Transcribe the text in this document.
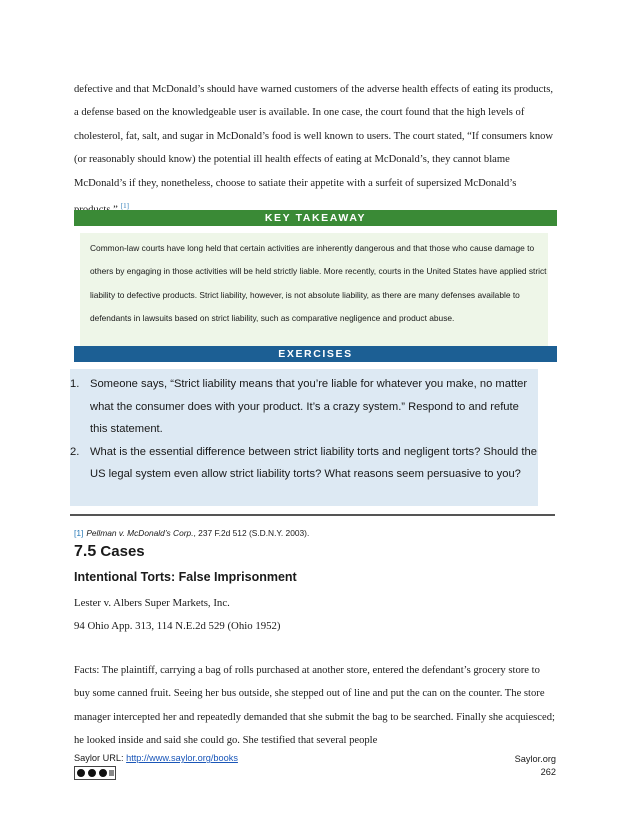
defective and that McDonald’s should have warned customers of the adverse health effects of eating its products, a defense based on the knowledgeable user is available. In one case, the court found that the high levels of cholesterol, fat, salt, and sugar in McDonald’s food is well known to users. The court stated, “If consumers know (or reasonably should know) the potential ill health effects of eating at McDonald’s, they cannot blame McDonald’s if they, nonetheless, choose to satiate their appetite with a surfeit of supersized McDonald’s [1]

KEY TAKEAWAY

Common-law courts have long held that certain activities are inherently dangerous and that those who cause damage to others by engaging in those activities will be held strictly liable. More recently, courts in the United States have applied strict liability to defective products. Strict liability, however, is not absolute liability, as there are many defenses available to defendants in lawsuits based on strict liability, such as comparative negligence and product abuse.

EXERCISES
1. Someone says, “Strict liability means that you’re liable for whatever you make, no matter what the consumer does with your product. It’s a crazy system.” Respond to and refute this statement.
2. What is the essential difference between strict liability torts and negligent torts? Should the US legal system even allow strict liability torts? What reasons seem persuasive to you?

[1] Pellman v. McDonald’s Corp., 237 F.2d 512 (S.D.N.Y. 2003).

7.5 Cases
Intentional Torts: False Imprisonment

Lester v. Albers Super Markets, Inc.

94 Ohio App. 313, 114 N.E.2d 529 (Ohio 1952)

Facts: The plaintiff, carrying a bag of rolls purchased at another store, entered the defendant’s grocery store to buy some canned fruit. Seeing her bus outside, she stepped out of line and put the can on the counter. The store manager intercepted her and repeatedly demanded that she submit the bag to be searched. Finally she acquiesced; he looked inside and said she could go. She testified that several people

Saylor URL: http://www.saylor.org/books	Saylor.org
262
